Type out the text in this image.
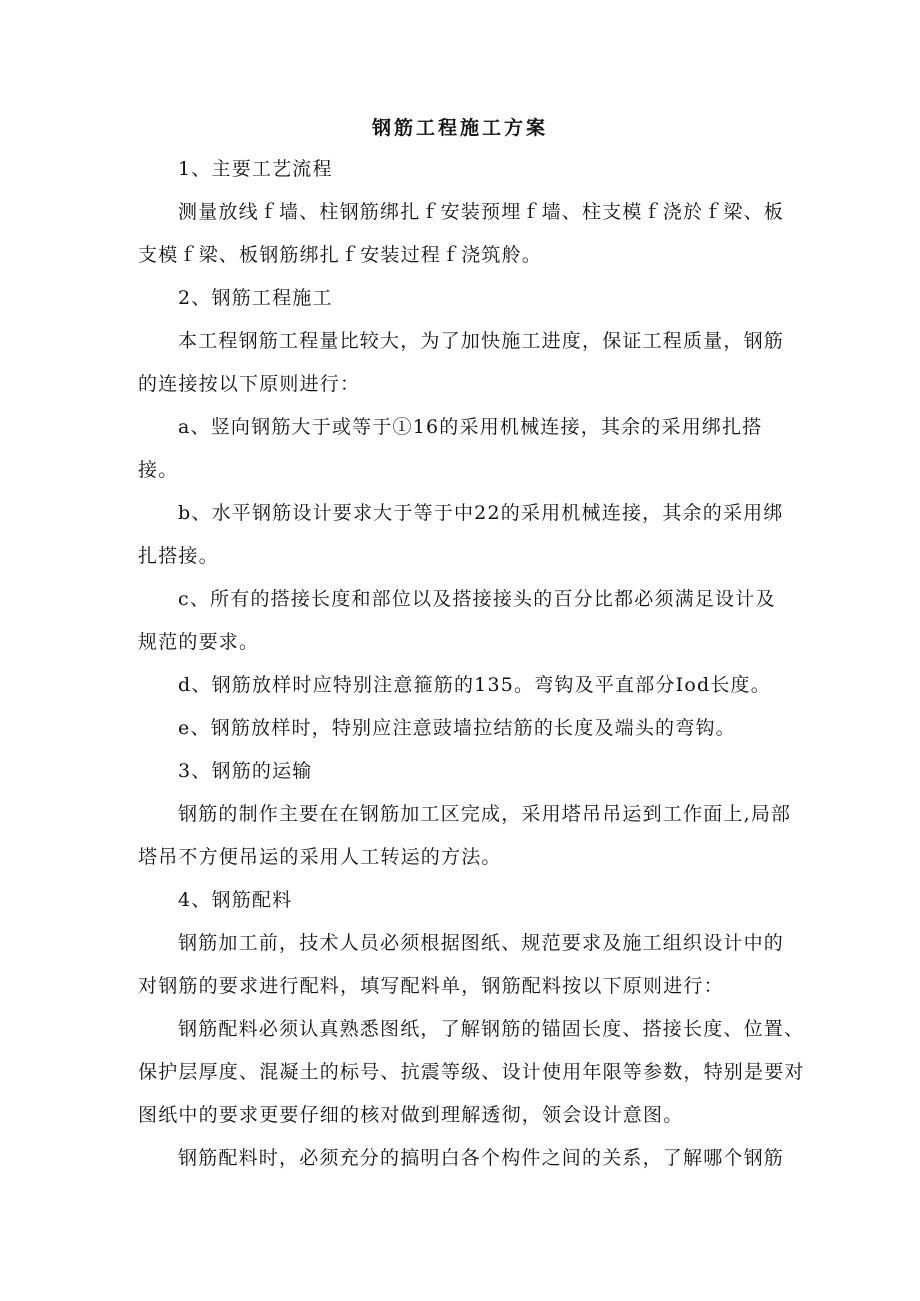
钢筋工程施工方案
1、主要工艺流程
测量放线ｆ墙、柱钢筋绑扎ｆ安装预埋ｆ墙、柱支模ｆ浇於ｆ梁、板
支模ｆ梁、板钢筋绑扎ｆ安装过程ｆ浇筑舲。
2、钢筋工程施工
本工程钢筋工程量比较大，为了加快施工进度，保证工程质量，钢筋
的连接按以下原则进行：
a、竖向钢筋大于或等于①16的采用机械连接，其余的采用绑扎搭
接。
b、水平钢筋设计要求大于等于中22的采用机械连接，其余的采用绑
扎搭接。
c、所有的搭接长度和部位以及搭接接头的百分比都必须满足设计及
规范的要求。
d、钢筋放样时应特别注意箍筋的135。弯钩及平直部分Iod长度。
e、钢筋放样时，特别应注意豉墙拉结筋的长度及端头的弯钩。
3、钢筋的运输
钢筋的制作主要在在钢筋加工区完成，采用塔吊吊运到工作面上,局部
塔吊不方便吊运的采用人工转运的方法。
4、钢筋配料
钢筋加工前，技术人员必须根据图纸、规范要求及施工组织设计中的
对钢筋的要求进行配料，填写配料单，钢筋配料按以下原则进行：
钢筋配料必须认真熟悉图纸，了解钢筋的锚固长度、搭接长度、位置、
保护层厚度、混凝土的标号、抗震等级、设计使用年限等参数，特别是要对
图纸中的要求更要仔细的核对做到理解透彻，领会设计意图。
钢筋配料时，必须充分的搞明白各个构件之间的关系，了解哪个钢筋
